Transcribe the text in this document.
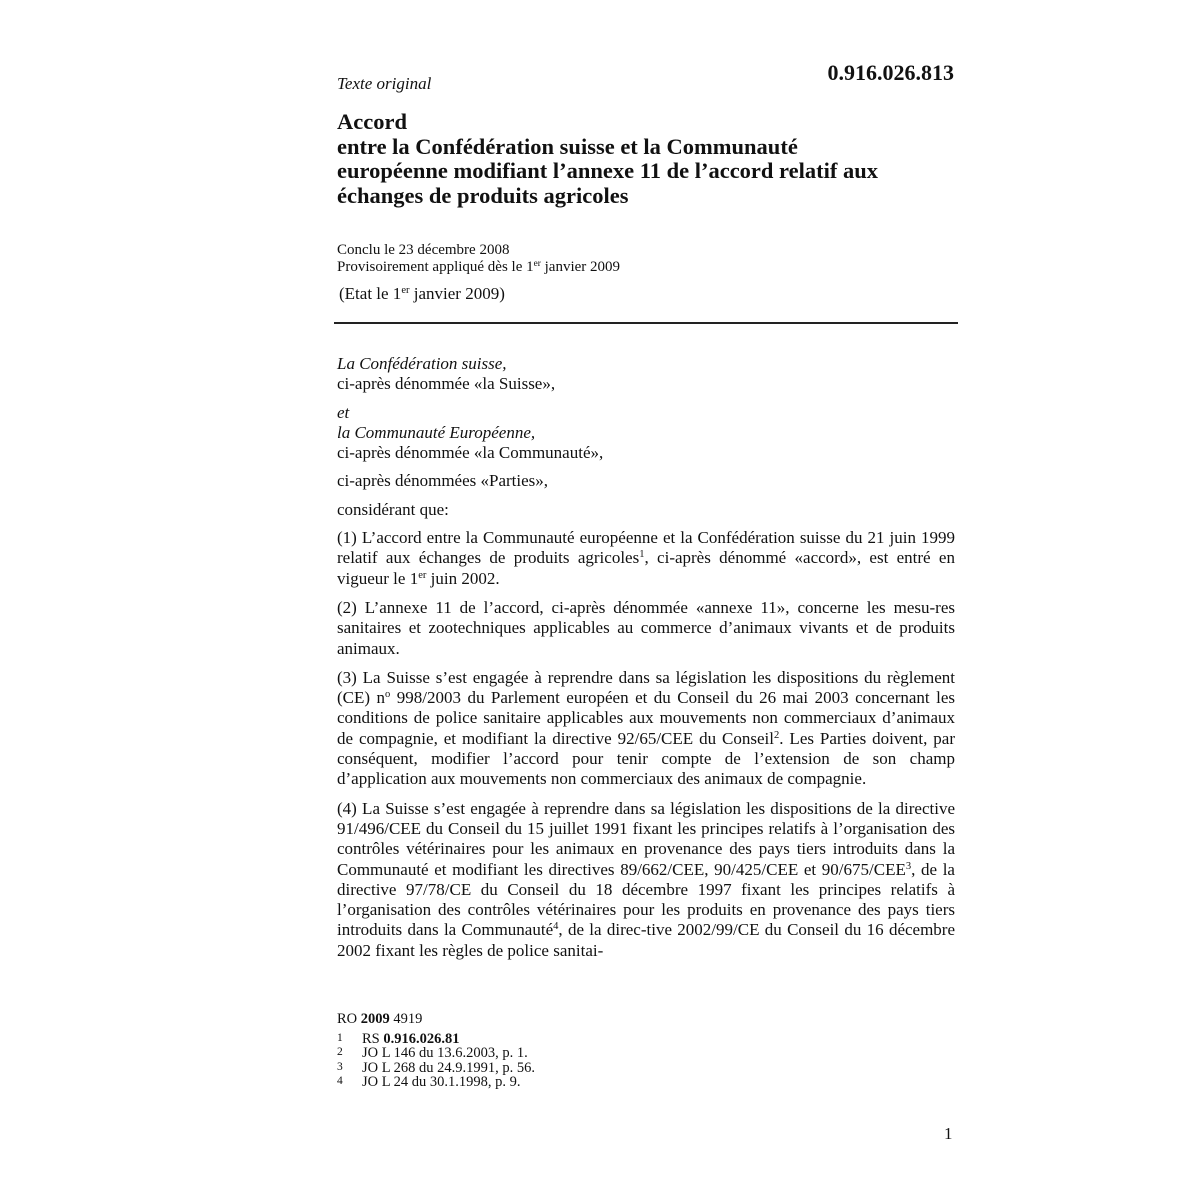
Texte original	0.916.026.813
Accord
entre la Confédération suisse et la Communauté
européenne modifiant l’annexe 11 de l’accord relatif aux
échanges de produits agricoles
Conclu le 23 décembre 2008
Provisoirement appliqué dès le 1er janvier 2009
(Etat le 1er janvier 2009)

La Confédération suisse,

ci-après dénommée «la Suisse»,

et

la Communauté Européenne,

ci-après dénommée «la Communauté»,

ci-après dénommées «Parties»,

considérant que:

(1) L’accord entre la Communauté européenne et la Confédération suisse du 21 juin 1999 relatif aux échanges de produits agricoles$^1$, ci-après dénommé «accord», est entré en vigueur le 1er juin 2002.

(2) L’annexe 11 de l’accord, ci-après dénommée «annexe 11», concerne les mesu-res sanitaires et zootechniques applicables au commerce d’animaux vivants et de produits animaux.

(3) La Suisse s’est engagée à reprendre dans sa législation les dispositions du règlement (CE) $n^o$ 998/2003 du Parlement européen et du Conseil du 26 mai 2003 concernant les conditions de police sanitaire applicables aux mouvements non commerciaux d’animaux de compagnie, et modifiant la directive 92/65/CEE du Conseil$^2$. Les Parties doivent, par conséquent, modifier l’accord pour tenir compte de l’extension de son champ d’application aux mouvements non commerciaux des animaux de compagnie.

(4) La Suisse s’est engagée à reprendre dans sa législation les dispositions de la directive 91/496/CEE du Conseil du 15 juillet 1991 fixant les principes relatifs à l’organisation des contrôles vétérinaires pour les animaux en provenance des pays tiers introduits dans la Communauté et modifiant les directives 89/662/CEE, 90/425/CEE et 90/675/CEE$^3$, de la directive 97/78/CE du Conseil du 18 décembre 1997 fixant les principes relatifs à l’organisation des contrôles vétérinaires pour les produits en provenance des pays tiers introduits dans la Communauté$^4$, de la direc-tive 2002/99/CE du Conseil du 16 décembre 2002 fixant les règles de police sanitai-

RO 2009 4919
1	RS 0.916.026.81
2	JO L 146 du 13.6.2003, p. 1.
3	JO L 268 du 24.9.1991, p. 56.
4	JO L 24 du 30.1.1998, p. 9.
1
